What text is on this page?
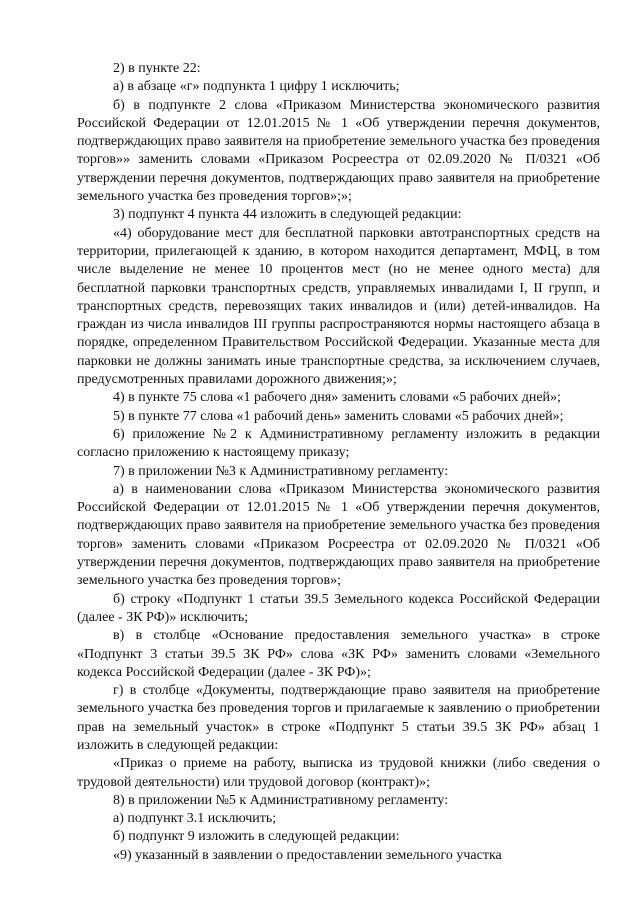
2) в пункте 22:

а) в абзаце «г» подпункта 1 цифру 1 исключить;

б) в подпункте 2 слова «Приказом Министерства экономического развития Российской Федерации от 12.01.2015 № 1 «Об утверждении перечня документов, подтверждающих право заявителя на приобретение земельного участка без проведения торгов»» заменить словами «Приказом Росреестра от 02.09.2020 № П/0321 «Об утверждении перечня документов, подтверждающих право заявителя на приобретение земельного участка без проведения торгов»;»;

3) подпункт 4 пункта 44 изложить в следующей редакции:

«4) оборудование мест для бесплатной парковки автотранспортных средств на территории, прилегающей к зданию, в котором находится департамент, МФЦ, в том числе выделение не менее 10 процентов мест (но не менее одного места) для бесплатной парковки транспортных средств, управляемых инвалидами I, II групп, и транспортных средств, перевозящих таких инвалидов и (или) детей-инвалидов. На граждан из числа инвалидов III группы распространяются нормы настоящего абзаца в порядке, определенном Правительством Российской Федерации. Указанные места для парковки не должны занимать иные транспортные средства, за исключением случаев, предусмотренных правилами дорожного движения;»;

4) в пункте 75 слова «1 рабочего дня» заменить словами «5 рабочих дней»;

5) в пункте 77 слова «1 рабочий день» заменить словами «5 рабочих дней»;

6) приложение №2 к Административному регламенту изложить в редакции согласно приложению к настоящему приказу;

7) в приложении №3 к Административному регламенту:

а) в наименовании слова «Приказом Министерства экономического развития Российской Федерации от 12.01.2015 № 1 «Об утверждении перечня документов, подтверждающих право заявителя на приобретение земельного участка без проведения торгов» заменить словами «Приказом Росреестра от 02.09.2020 № П/0321 «Об утверждении перечня документов, подтверждающих право заявителя на приобретение земельного участка без проведения торгов»;

б) строку «Подпункт 1 статьи 39.5 Земельного кодекса Российской Федерации (далее - ЗК РФ)» исключить;

в) в столбце «Основание предоставления земельного участка» в строке «Подпункт 3 статьи 39.5 ЗК РФ» слова «ЗК РФ» заменить словами «Земельного кодекса Российской Федерации (далее - ЗК РФ)»;

г) в столбце «Документы, подтверждающие право заявителя на приобретение земельного участка без проведения торгов и прилагаемые к заявлению о приобретении прав на земельный участок» в строке «Подпункт 5 статьи 39.5 ЗК РФ» абзац 1 изложить в следующей редакции:

«Приказ о приеме на работу, выписка из трудовой книжки (либо сведения о трудовой деятельности) или трудовой договор (контракт)»;

8) в приложении №5 к Административному регламенту:

а) подпункт 3.1 исключить;

б) подпункт 9 изложить в следующей редакции:

«9) указанный в заявлении о предоставлении земельного участка
